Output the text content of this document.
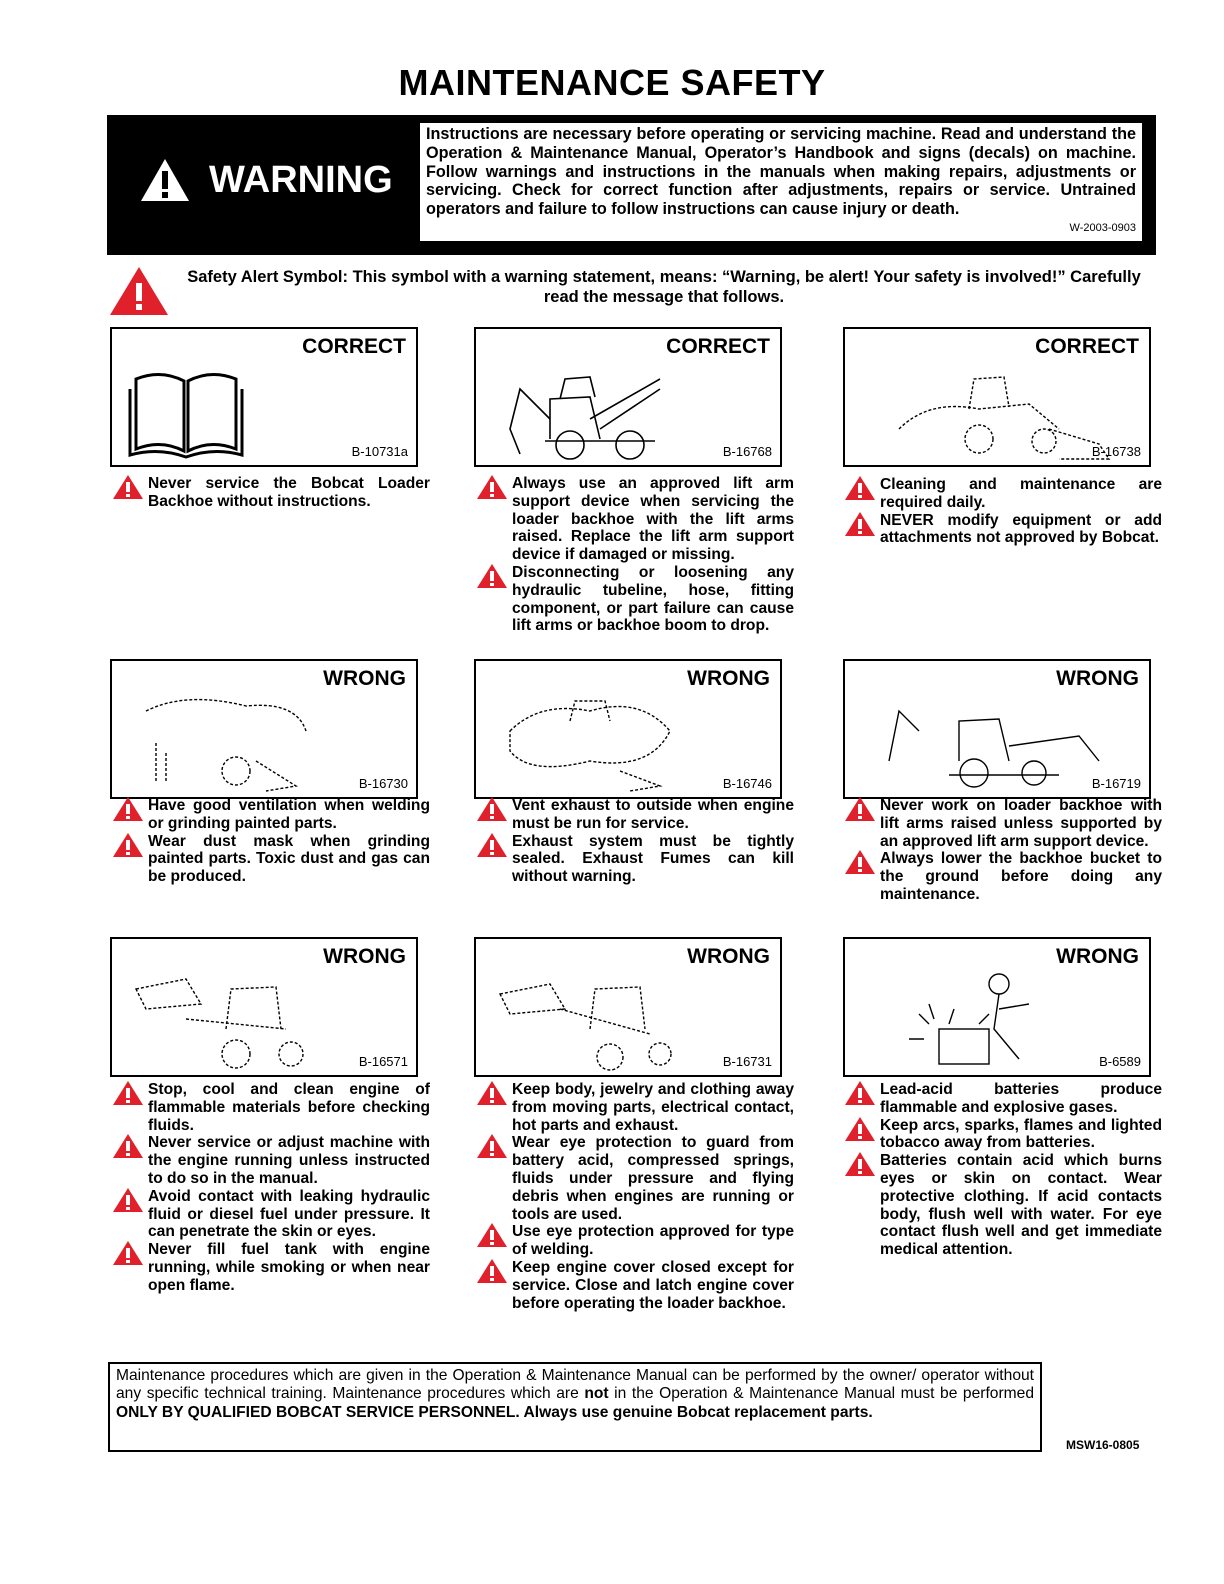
MAINTENANCE SAFETY
WARNING
Instructions are necessary before operating or servicing machine. Read and understand the Operation & Maintenance Manual, Operator’s Handbook and signs (decals) on machine. Follow warnings and instructions in the manuals when making repairs, adjustments or servicing. Check for correct function after adjustments, repairs or service. Untrained operators and failure to follow instructions can cause injury or death.
W-2003-0903
Safety Alert Symbol: This symbol with a warning statement, means: “Warning, be alert! Your safety is involved!” Carefully read the message that follows.
CORRECT
B-10731a
CORRECT
B-16768
CORRECT
B-16738
WRONG
B-16730
WRONG
B-16746
WRONG
B-16719
WRONG
B-16571
WRONG
B-16731
WRONG
B-6589
Never service the Bobcat Loader Backhoe without instructions.
Always use an approved lift arm support device when servicing the loader backhoe with the lift arms raised. Replace the lift arm support device if damaged or missing.
Disconnecting or loosening any hydraulic tubeline, hose, fitting component, or part failure can cause lift arms or backhoe boom to drop.
Cleaning and maintenance are required daily.
NEVER modify equipment or add attachments not approved by Bobcat.
Have good ventilation when welding or grinding painted parts.
Wear dust mask when grinding painted parts. Toxic dust and gas can be produced.
Vent exhaust to outside when engine must be run for service.
Exhaust system must be tightly sealed. Exhaust Fumes can kill without warning.
Never work on loader backhoe with lift arms raised unless supported by an approved lift arm support device.
Always lower the backhoe bucket to the ground before doing any maintenance.
Stop, cool and clean engine of flammable materials before checking fluids.
Never service or adjust machine with the engine running unless instructed to do so in the manual.
Avoid contact with leaking hydraulic fluid or diesel fuel under pressure. It can penetrate the skin or eyes.
Never fill fuel tank with engine running, while smoking or when near open flame.
Keep body, jewelry and clothing away from moving parts, electrical contact, hot parts and exhaust.
Wear eye protection to guard from battery acid, compressed springs, fluids under pressure and flying debris when engines are running or tools are used.
Use eye protection approved for type of welding.
Keep engine cover closed except for service. Close and latch engine cover before operating the loader backhoe.
Lead-acid batteries produce flammable and explosive gases.
Keep arcs, sparks, flames and lighted tobacco away from batteries.
Batteries contain acid which burns eyes or skin on contact. Wear protective clothing. If acid contacts body, flush well with water. For eye contact flush well and get immediate medical attention.
Maintenance procedures which are given in the Operation & Maintenance Manual can be performed by the owner/ operator without any specific technical training. Maintenance procedures which are not in the Operation & Maintenance Manual must be performed ONLY BY QUALIFIED BOBCAT SERVICE PERSONNEL. Always use genuine Bobcat replacement parts.
MSW16-0805
